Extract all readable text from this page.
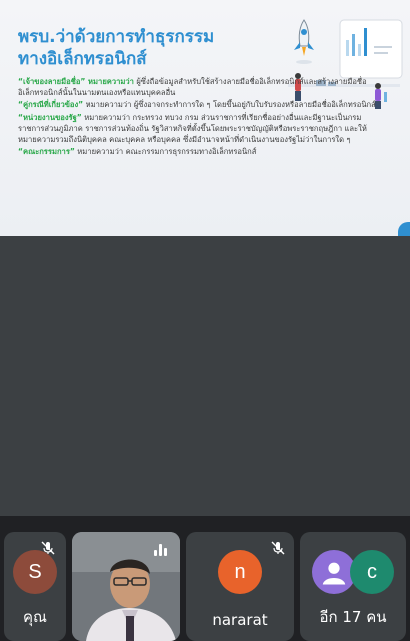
พรบ.ว่าด้วยการทำธุรกรรม
ทางอิเล็กทรอนิกส์
“เจ้าของลายมือชื่อ” หมายความว่า ผู้ซึ่งถือข้อมูลสำหรับใช้สร้างลายมือชื่ออิเล็กทรอนิกส์และสร้างลายมือชื่ออิเล็กทรอนิกส์นั้นในนามตนเองหรือแทนบุคคลอื่น
“คู่กรณีที่เกี่ยวข้อง” หมายความว่า ผู้ซึ่งอาจกระทำการใด ๆ โดยขึ้นอยู่กับใบรับรองหรือลายมือชื่ออิเล็กทรอนิกส์
“หน่วยงานของรัฐ” หมายความว่า กระทรวง ทบวง กรม ส่วนราชการที่เรียกชื่ออย่างอื่นและมีฐานะเป็นกรม ราชการส่วนภูมิภาค ราชการส่วนท้องถิ่น รัฐวิสาหกิจที่ตั้งขึ้นโดยพระราชบัญญัติหรือพระราชกฤษฎีกา และให้หมายความรวมถึงนิติบุคคล คณะบุคคล หรือบุคคล ซึ่งมีอำนาจหน้าที่ดำเนินงานของรัฐไม่ว่าในการใด ๆ
“คณะกรรมการ” หมายความว่า คณะกรรมการธุรกรรมทางอิเล็กทรอนิกส์
S
คุณ
n
nararat
c
อีก 17 คน
